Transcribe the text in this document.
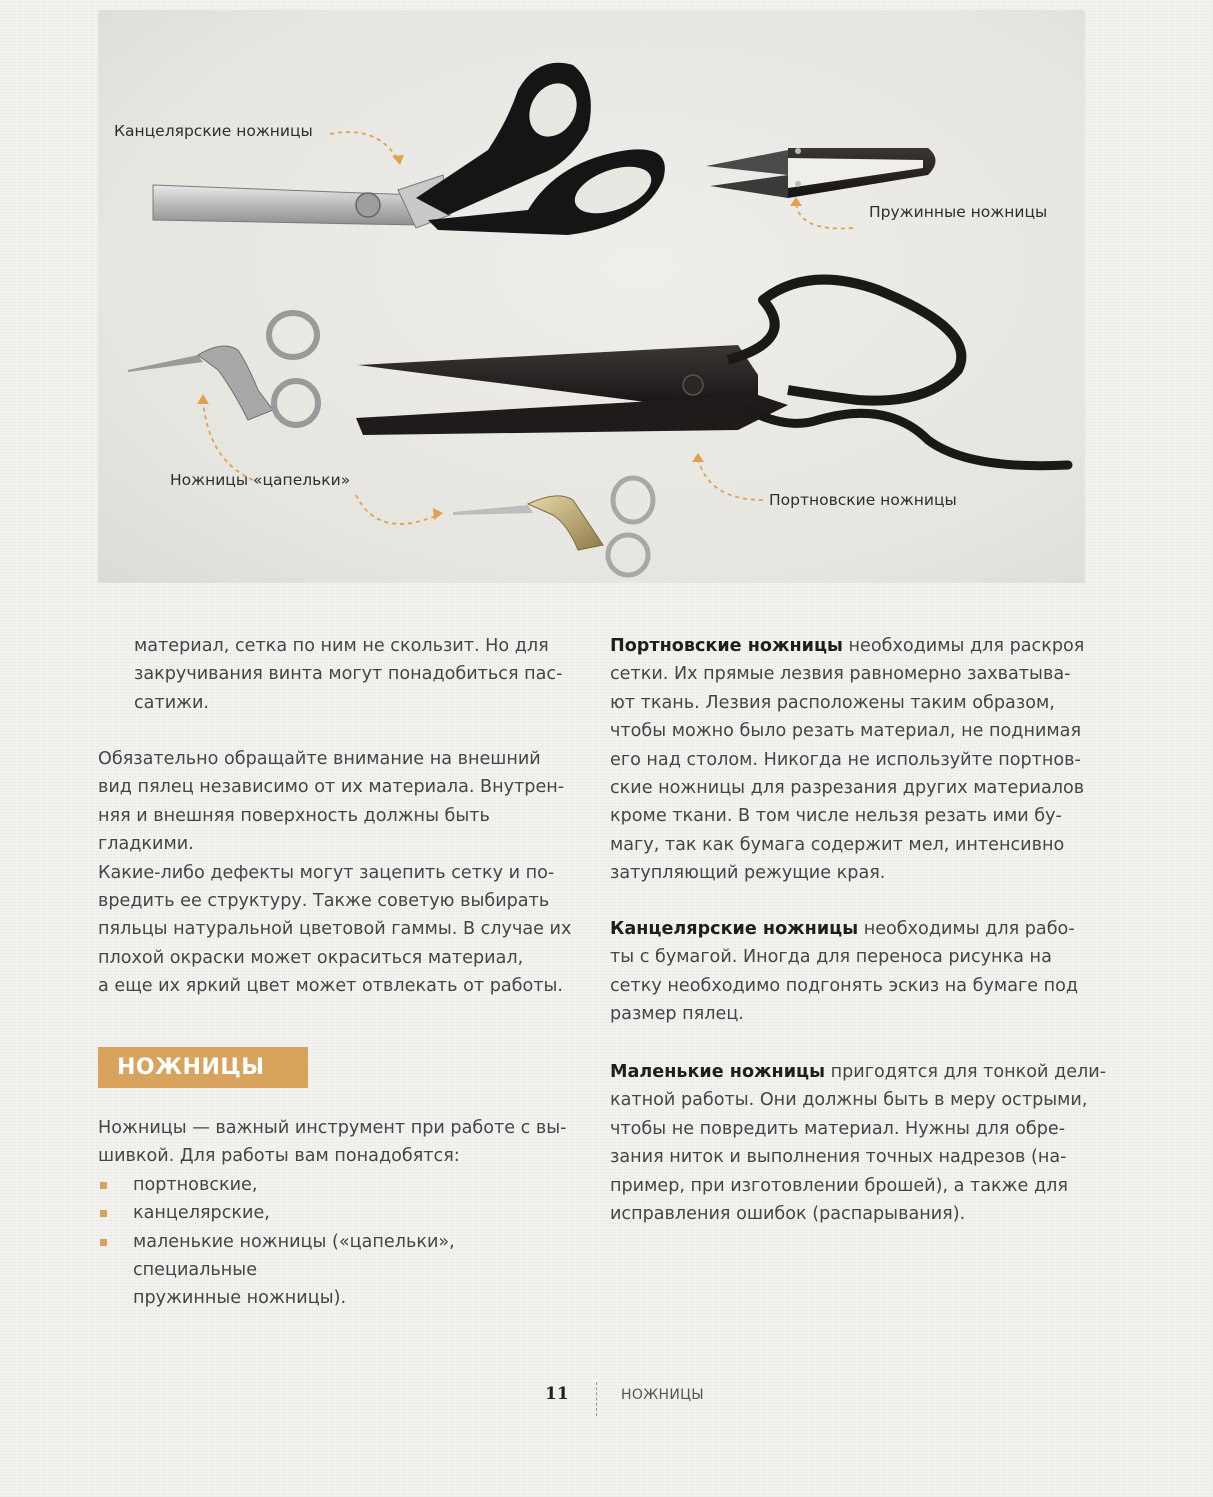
Канцелярские ножницы
Пружинные ножницы
Ножницы «цапельки»
Портновские ножницы
материал, сетка по ним не скользит. Но для
закручивания винта могут понадобиться пас-
сатижи.
Обязательно обращайте внимание на внешний
вид пялец независимо от их материала. Внутрен-
няя и внешняя поверхность должны быть гладкими.
Какие-либо дефекты могут зацепить сетку и по-
вредить ее структуру. Также советую выбирать
пяльцы натуральной цветовой гаммы. В случае их
плохой окраски может окраситься материал,
а еще их яркий цвет может отвлекать от работы.
НОЖНИЦЫ
Ножницы — важный инструмент при работе с вы-
шивкой. Для работы вам понадобятся:
портновские,
канцелярские,
маленькие ножницы («цапельки», специальные
пружинные ножницы).
Портновские ножницы необходимы для раскроя
сетки. Их прямые лезвия равномерно захватыва-
ют ткань. Лезвия расположены таким образом,
чтобы можно было резать материал, не поднимая
его над столом. Никогда не используйте портнов-
ские ножницы для разрезания других материалов
кроме ткани. В том числе нельзя резать ими бу-
магу, так как бумага содержит мел, интенсивно
затупляющий режущие края.
Канцелярские ножницы необходимы для рабо-
ты с бумагой. Иногда для переноса рисунка на
сетку необходимо подгонять эскиз на бумаге под
размер пялец.
Маленькие ножницы пригодятся для тонкой дели-
катной работы. Они должны быть в меру острыми,
чтобы не повредить материал. Нужны для обре-
зания ниток и выполнения точных надрезов (на-
пример, при изготовлении брошей), а также для
исправления ошибок (распарывания).
11	НОЖНИЦЫ
